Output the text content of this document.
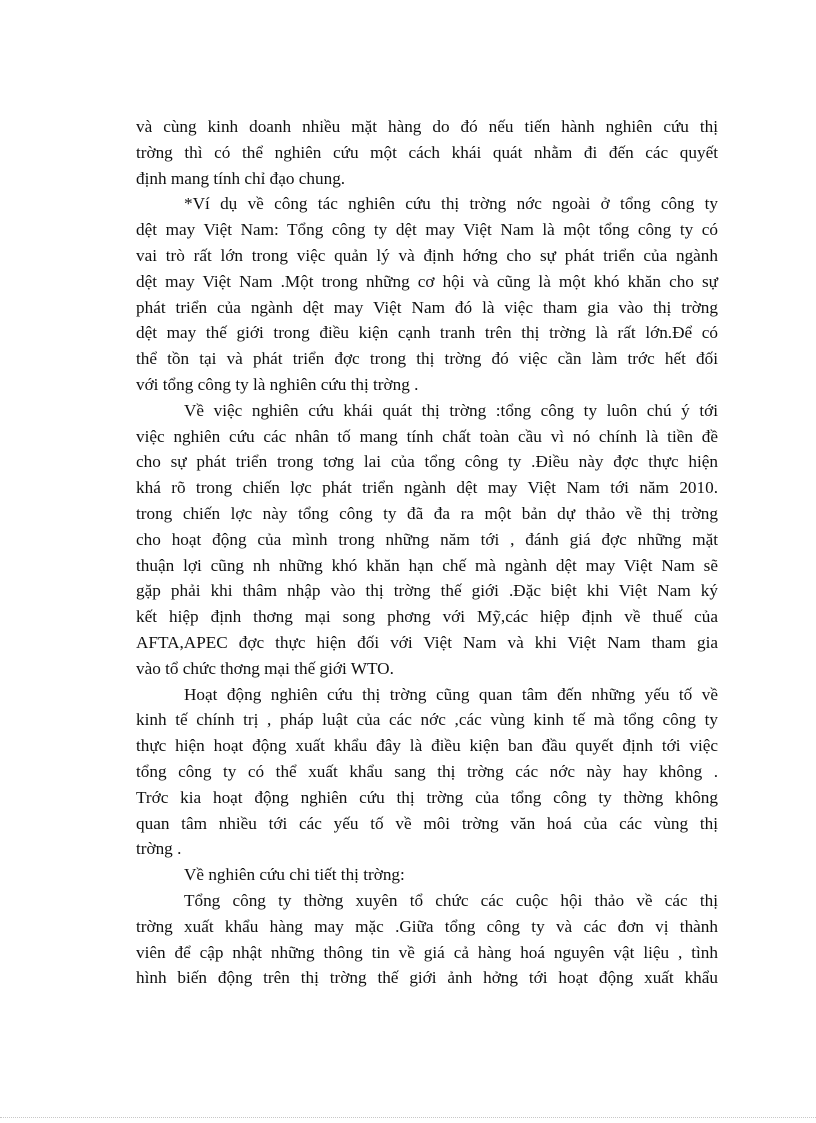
và cùng kinh doanh nhiều mặt hàng do đó nếu tiến hành nghiên cứu thị
trờng thì có thể nghiên cứu một cách khái quát nhằm đi đến các quyết
định mang tính chỉ đạo chung.
*Ví dụ về công tác nghiên cứu thị trờng nớc ngoài ở tổng công ty
dệt may Việt Nam: Tổng công ty dệt may Việt Nam là một tổng công ty có
vai trò rất lớn trong việc quản lý và định hớng cho sự phát triển của ngành
dệt may Việt Nam .Một trong những cơ hội và cũng là một khó khăn cho sự
phát triển của ngành dệt may Việt Nam đó là việc tham gia vào thị trờng
dệt may thế giới trong điều kiện cạnh tranh trên thị trờng là rất lớn.Để có
thể tồn tại và phát triển đợc trong thị trờng đó việc cần làm trớc hết đối
với tổng công ty là nghiên cứu thị trờng .
Về việc nghiên cứu khái quát thị trờng :tổng công ty luôn chú ý tới
việc nghiên cứu các nhân tố mang tính chất toàn cầu vì nó chính là tiền đề
cho sự phát triển trong tơng lai của tổng công ty .Điều này đợc thực hiện
khá rõ trong chiến lợc phát triển ngành dệt may Việt Nam tới năm 2010.
trong chiến lợc này tổng công ty đã đa ra một bản dự thảo về thị trờng
cho hoạt động của mình trong những năm tới , đánh giá đợc những mặt
thuận lợi cũng nh những khó khăn hạn chế mà ngành dệt may Việt Nam sẽ
gặp phải khi thâm nhập vào thị trờng thế giới .Đặc biệt khi Việt Nam ký
kết hiệp định thơng mại song phơng với Mỹ,các hiệp định về thuế của
AFTA,APEC đợc thực hiện đối với Việt Nam và khi Việt Nam tham gia
vào tổ chức thơng mại thế giới WTO.
Hoạt động nghiên cứu thị trờng cũng quan tâm đến những yếu tố về
kinh tế chính trị , pháp luật của các nớc ,các vùng kinh tế mà tổng công ty
thực hiện hoạt động xuất khẩu đây là điều kiện ban đầu quyết định tới việc
tổng công ty có thể xuất khẩu sang thị trờng các nớc này hay không .
Trớc kia hoạt động nghiên cứu thị trờng của tổng công ty thờng không
quan tâm nhiều tới các yếu tố về môi trờng văn hoá của các vùng thị
trờng .
Về nghiên cứu chi tiết thị trờng:
Tổng công ty thờng xuyên tổ chức các cuộc hội thảo về các thị
trờng xuất khẩu hàng may mặc .Giữa tổng công ty và các đơn vị thành
viên để cập nhật những thông tin về giá cả hàng hoá nguyên vật liệu , tình
hình biến động trên thị trờng thế giới ảnh hởng tới hoạt động xuất khẩu
